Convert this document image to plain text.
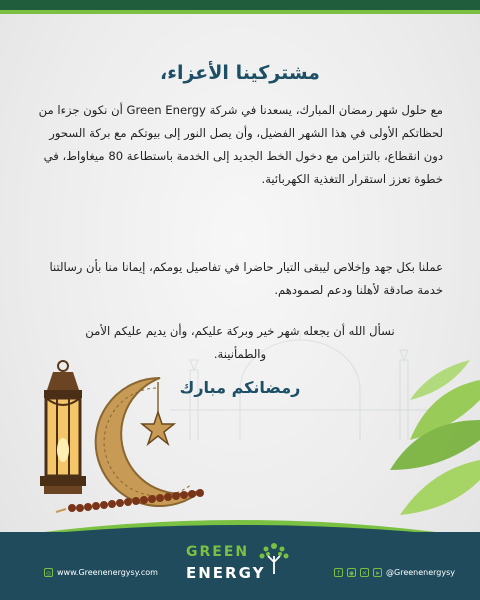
مشتركينا الأعزاء،
مع حلول شهر رمضان المبارك، يسعدنا في شركة Green Energy أن نكون جزءا من لحظاتكم الأولى في هذا الشهر الفضيل، وأن يصل النور إلى بيوتكم مع بركة السحور دون انقطاع، بالتزامن مع دخول الخط الجديد إلى الخدمة باستطاعة 80 ميغاواط، في خطوة تعزز استقرار التغذية الكهربائية.
عملنا بكل جهد وإخلاص ليبقى التيار حاضرا في تفاصيل يومكم، إيمانا منا بأن رسالتنا خدمة صادقة لأهلنا ودعم لصمودهم.
نسأل الله أن يجعله شهر خير وبركة عليكم، وأن يديم عليكم الأمن والطمأنينة.
رمضانكم مبارك
GREEN
ENERGY
◎ www.Greenenergysy.com	f	◉	✕	➤ @Greenenergysy
